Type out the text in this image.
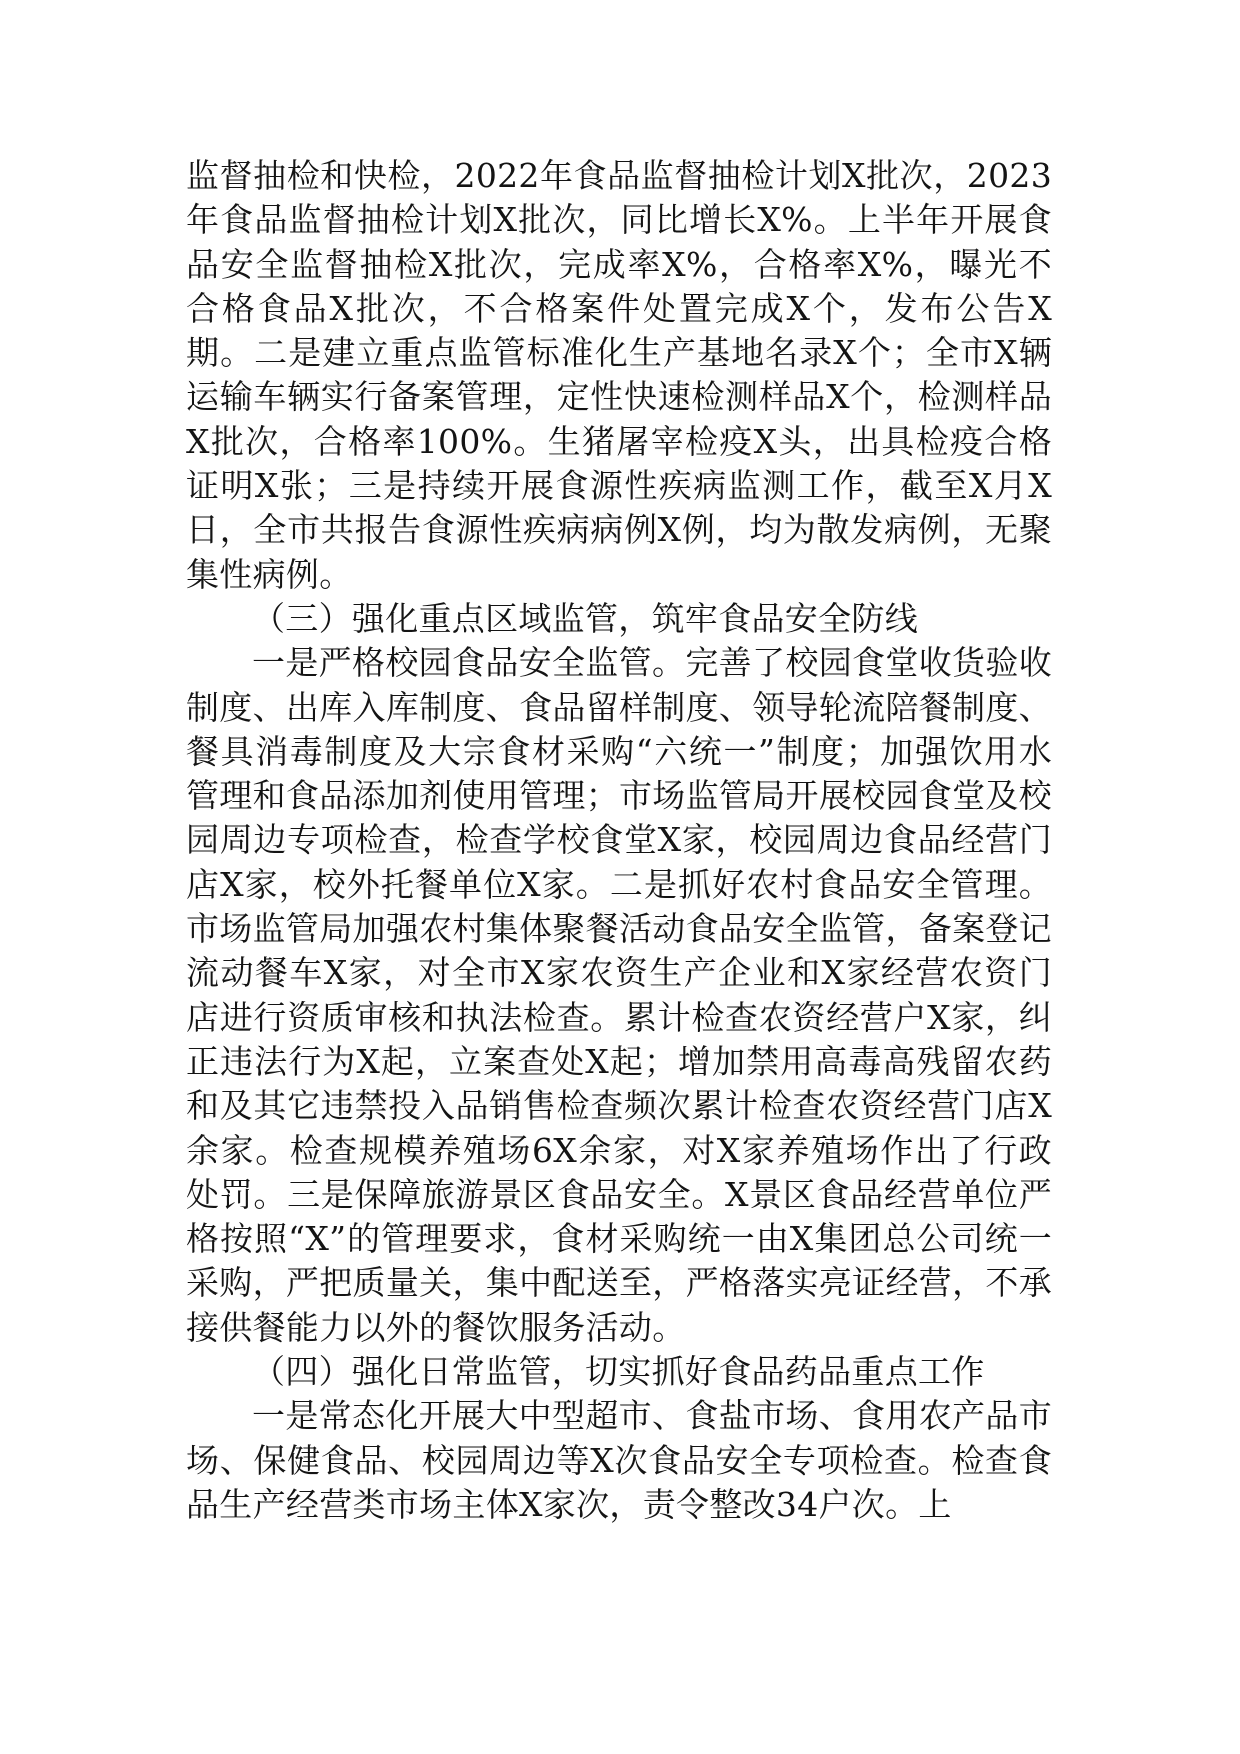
监督抽检和快检，2022年食品监督抽检计划X批次，2023年食品监督抽检计划X批次，同比增长X%。上半年开展食品安全监督抽检X批次，完成率X%，合格率X%，曝光不合格食品X批次，不合格案件处置完成X个，发布公告X期。二是建立重点监管标准化生产基地名录X个；全市X辆运输车辆实行备案管理，定性快速检测样品X个，检测样品X批次，合格率100%。生猪屠宰检疫X头，出具检疫合格证明X张；三是持续开展食源性疾病监测工作，截至X月X日，全市共报告食源性疾病病例X例，均为散发病例，无聚集性病例。

（三）强化重点区域监管，筑牢食品安全防线

一是严格校园食品安全监管。完善了校园食堂收货验收制度、出库入库制度、食品留样制度、领导轮流陪餐制度、餐具消毒制度及大宗食材采购“六统一”制度；加强饮用水管理和食品添加剂使用管理；市场监管局开展校园食堂及校园周边专项检查，检查学校食堂X家，校园周边食品经营门店X家，校外托餐单位X家。二是抓好农村食品安全管理。市场监管局加强农村集体聚餐活动食品安全监管，备案登记流动餐车X家，对全市X家农资生产企业和X家经营农资门店进行资质审核和执法检查。累计检查农资经营户X家，纠正违法行为X起，立案查处X起；增加禁用高毒高残留农药和及其它违禁投入品销售检查频次累计检查农资经营门店X余家。检查规模养殖场6X余家，对X家养殖场作出了行政处罚。三是保障旅游景区食品安全。X景区食品经营单位严格按照“X”的管理要求，食材采购统一由X集团总公司统一采购，严把质量关，集中配送至，严格落实亮证经营，不承接供餐能力以外的餐饮服务活动。

（四）强化日常监管，切实抓好食品药品重点工作

一是常态化开展大中型超市、食盐市场、食用农产品市场、保健食品、校园周边等X次食品安全专项检查。检查食品生产经营类市场主体X家次，责令整改34户次。上
